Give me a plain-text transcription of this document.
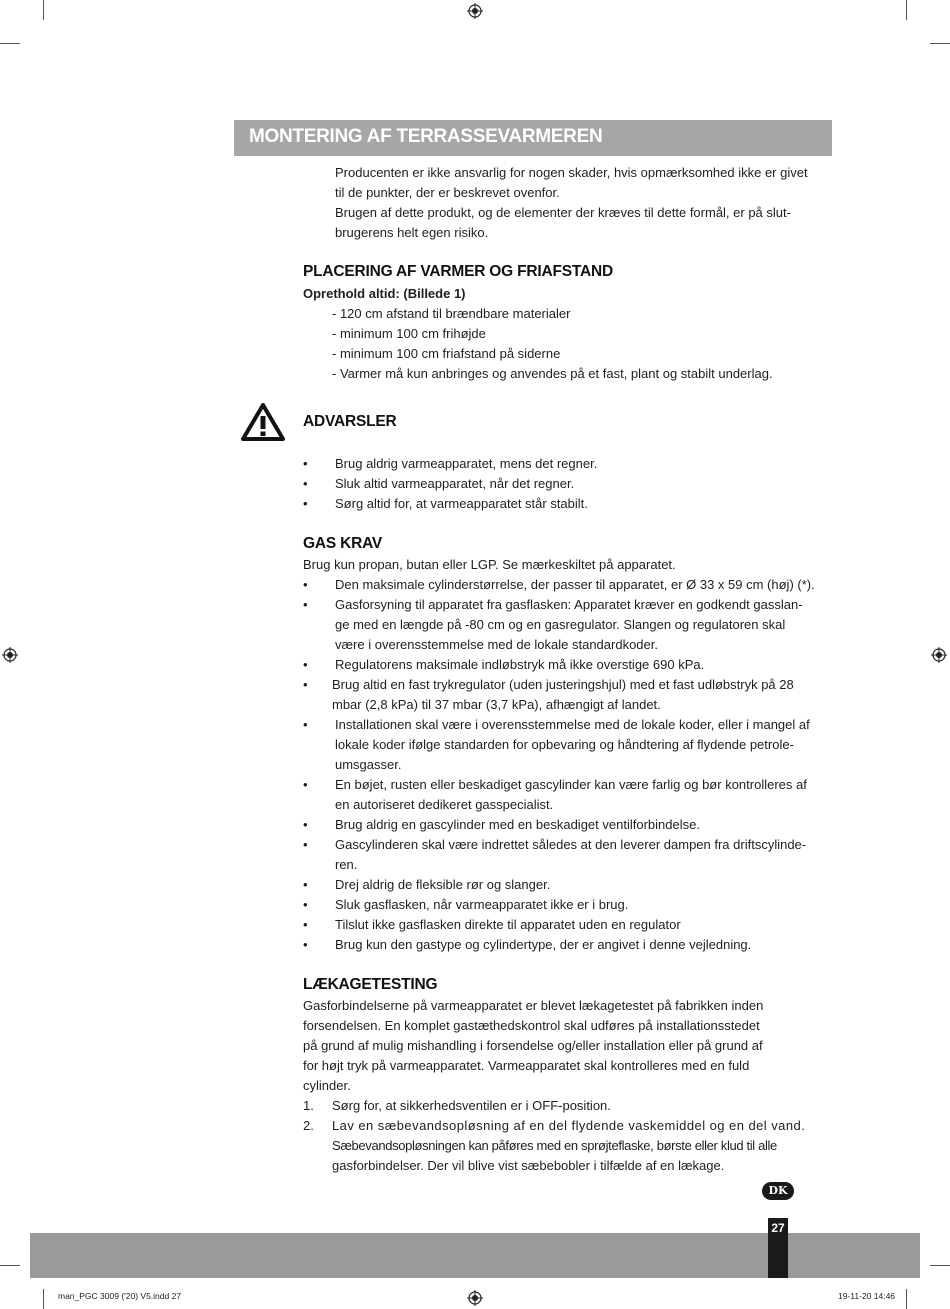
MONTERING AF TERRASSEVARMEREN
Producenten er ikke ansvarlig for nogen skader, hvis opmærksomhed ikke er givet
til de punkter, der er beskrevet ovenfor.
Brugen af dette produkt, og de elementer der kræves til dette formål, er på slut-
brugerens helt egen risiko.
PLACERING AF VARMER OG FRIAFSTAND
Oprethold altid: (Billede 1)
- 120 cm afstand til brændbare materialer
- minimum 100 cm frihøjde
- minimum 100 cm friafstand på siderne
- Varmer må kun anbringes og anvendes på et fast, plant og stabilt underlag.
ADVARSLER
• Brug aldrig varmeapparatet, mens det regner.
• Sluk altid varmeapparatet, når det regner.
• Sørg altid for, at varmeapparatet står stabilt.
GAS KRAV
Brug kun propan, butan eller LGP. Se mærkeskiltet på apparatet.
• Den maksimale cylinderstørrelse, der passer til apparatet, er Ø 33 x 59 cm (høj) (*).
• Gasforsyning til apparatet fra gasflasken: Apparatet kræver en godkendt gasslan-
ge med en længde på -80 cm og en gasregulator. Slangen og regulatoren skal
være i overensstemmelse med de lokale standardkoder.
• Regulatorens maksimale indløbstryk må ikke overstige 690 kPa.
• Brug altid en fast trykregulator (uden justeringshjul) med et fast udløbstryk på 28
mbar (2,8 kPa) til 37 mbar (3,7 kPa), afhængigt af landet.
• Installationen skal være i overensstemmelse med de lokale koder, eller i mangel af
lokale koder ifølge standarden for opbevaring og håndtering af flydende petrole-
umsgasser.
• En bøjet, rusten eller beskadiget gascylinder kan være farlig og bør kontrolleres af
en autoriseret dedikeret gasspecialist.
• Brug aldrig en gascylinder med en beskadiget ventilforbindelse.
• Gascylinderen skal være indrettet således at den leverer dampen fra driftscylinde-
ren.
• Drej aldrig de fleksible rør og slanger.
• Sluk gasflasken, når varmeapparatet ikke er i brug.
• Tilslut ikke gasflasken direkte til apparatet uden en regulator
• Brug kun den gastype og cylindertype, der er angivet i denne vejledning.
LÆKAGETESTING
Gasforbindelserne på varmeapparatet er blevet lækagetestet på fabrikken inden
forsendelsen. En komplet gastæthedskontrol skal udføres på installationsstedet
på grund af mulig mishandling i forsendelse og/eller installation eller på grund af
for højt tryk på varmeapparatet. Varmeapparatet skal kontrolleres med en fuld
cylinder.
1. Sørg for, at sikkerhedsventilen er i OFF-position.
2. Lav en sæbevandsopløsning af en del flydende vaskemiddel og en del vand.
Sæbevandsopløsningen kan påføres med en sprøjteflaske, børste eller klud til alle
gasforbindelser. Der vil blive vist sæbebobler i tilfælde af en lækage.
DK
27
man_PGC 3009 ('20) V5.indd 27	19-11-20 14:46
